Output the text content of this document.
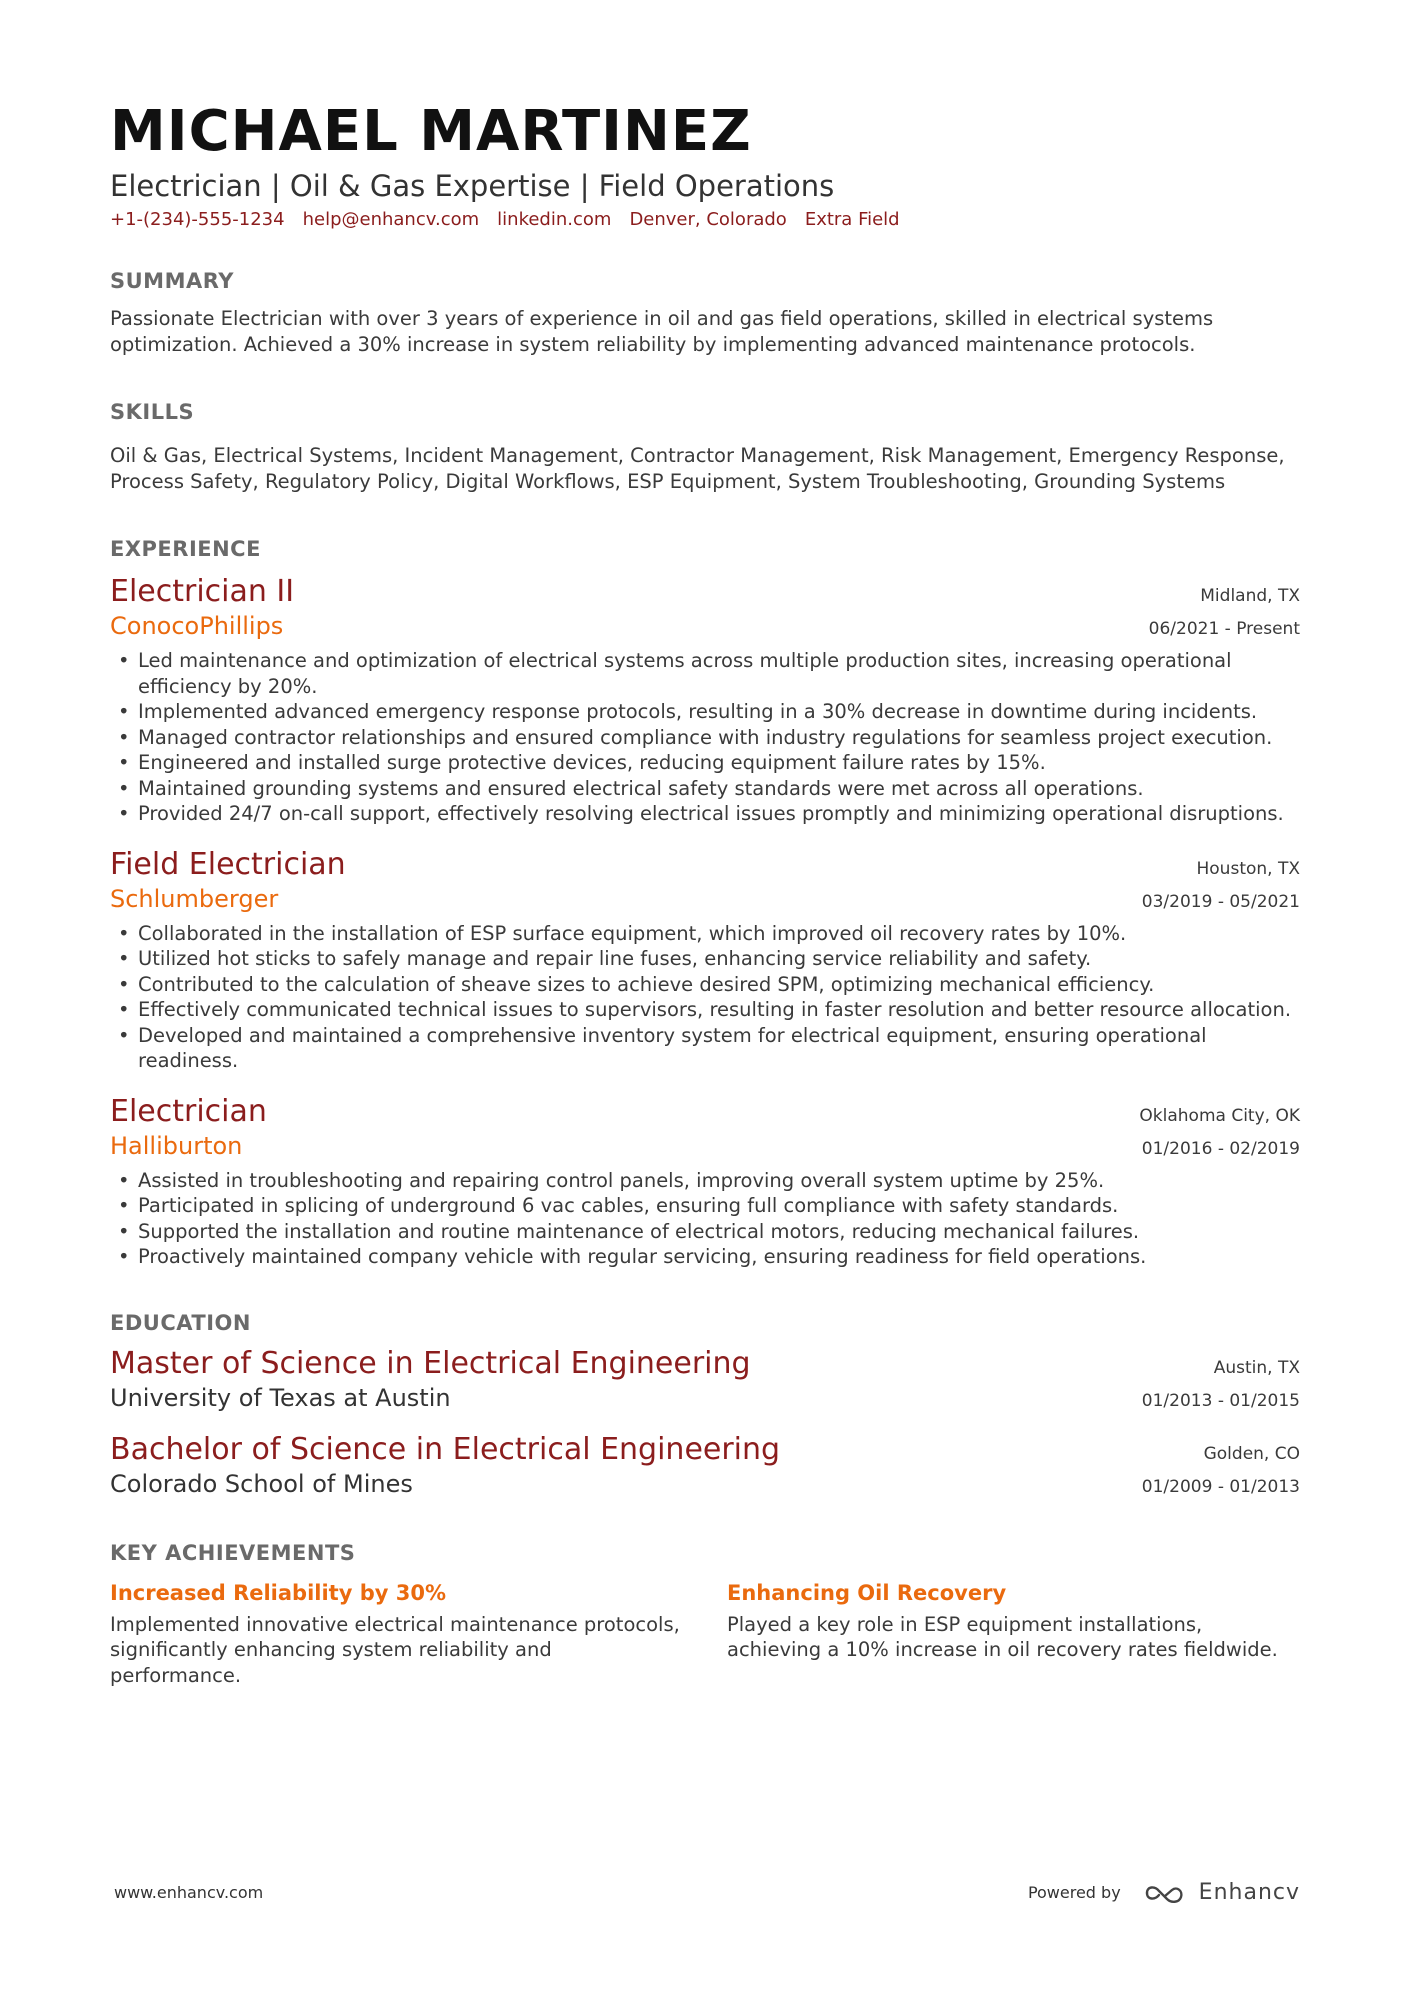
MICHAEL MARTINEZ
Electrician | Oil & Gas Expertise | Field Operations
+1-(234)-555-1234 help@enhancv.com linkedin.com Denver, Colorado Extra Field
SUMMARY
Passionate Electrician with over 3 years of experience in oil and gas field operations, skilled in electrical systems optimization. Achieved a 30% increase in system reliability by implementing advanced maintenance protocols.
SKILLS
Oil & Gas, Electrical Systems, Incident Management, Contractor Management, Risk Management, Emergency Response, Process Safety, Regulatory Policy, Digital Workflows, ESP Equipment, System Troubleshooting, Grounding Systems
EXPERIENCE
Electrician II	Midland, TX
ConocoPhillips	06/2021 - Present
• Led maintenance and optimization of electrical systems across multiple production sites, increasing operational efficiency by 20%.
• Implemented advanced emergency response protocols, resulting in a 30% decrease in downtime during incidents.
• Managed contractor relationships and ensured compliance with industry regulations for seamless project execution.
• Engineered and installed surge protective devices, reducing equipment failure rates by 15%.
• Maintained grounding systems and ensured electrical safety standards were met across all operations.
• Provided 24/7 on-call support, effectively resolving electrical issues promptly and minimizing operational disruptions.
Field Electrician	Houston, TX
Schlumberger	03/2019 - 05/2021
• Collaborated in the installation of ESP surface equipment, which improved oil recovery rates by 10%.
• Utilized hot sticks to safely manage and repair line fuses, enhancing service reliability and safety.
• Contributed to the calculation of sheave sizes to achieve desired SPM, optimizing mechanical efficiency.
• Effectively communicated technical issues to supervisors, resulting in faster resolution and better resource allocation.
• Developed and maintained a comprehensive inventory system for electrical equipment, ensuring operational readiness.
Electrician	Oklahoma City, OK
Halliburton	01/2016 - 02/2019
• Assisted in troubleshooting and repairing control panels, improving overall system uptime by 25%.
• Participated in splicing of underground 6 vac cables, ensuring full compliance with safety standards.
• Supported the installation and routine maintenance of electrical motors, reducing mechanical failures.
• Proactively maintained company vehicle with regular servicing, ensuring readiness for field operations.
EDUCATION
Master of Science in Electrical Engineering	Austin, TX
University of Texas at Austin	01/2013 - 01/2015
Bachelor of Science in Electrical Engineering	Golden, CO
Colorado School of Mines	01/2009 - 01/2013
KEY ACHIEVEMENTS
Increased Reliability by 30%
Implemented innovative electrical maintenance protocols, significantly enhancing system reliability and performance.
Enhancing Oil Recovery
Played a key role in ESP equipment installations, achieving a 10% increase in oil recovery rates fieldwide.
www.enhancv.com	Powered by	Enhancv
